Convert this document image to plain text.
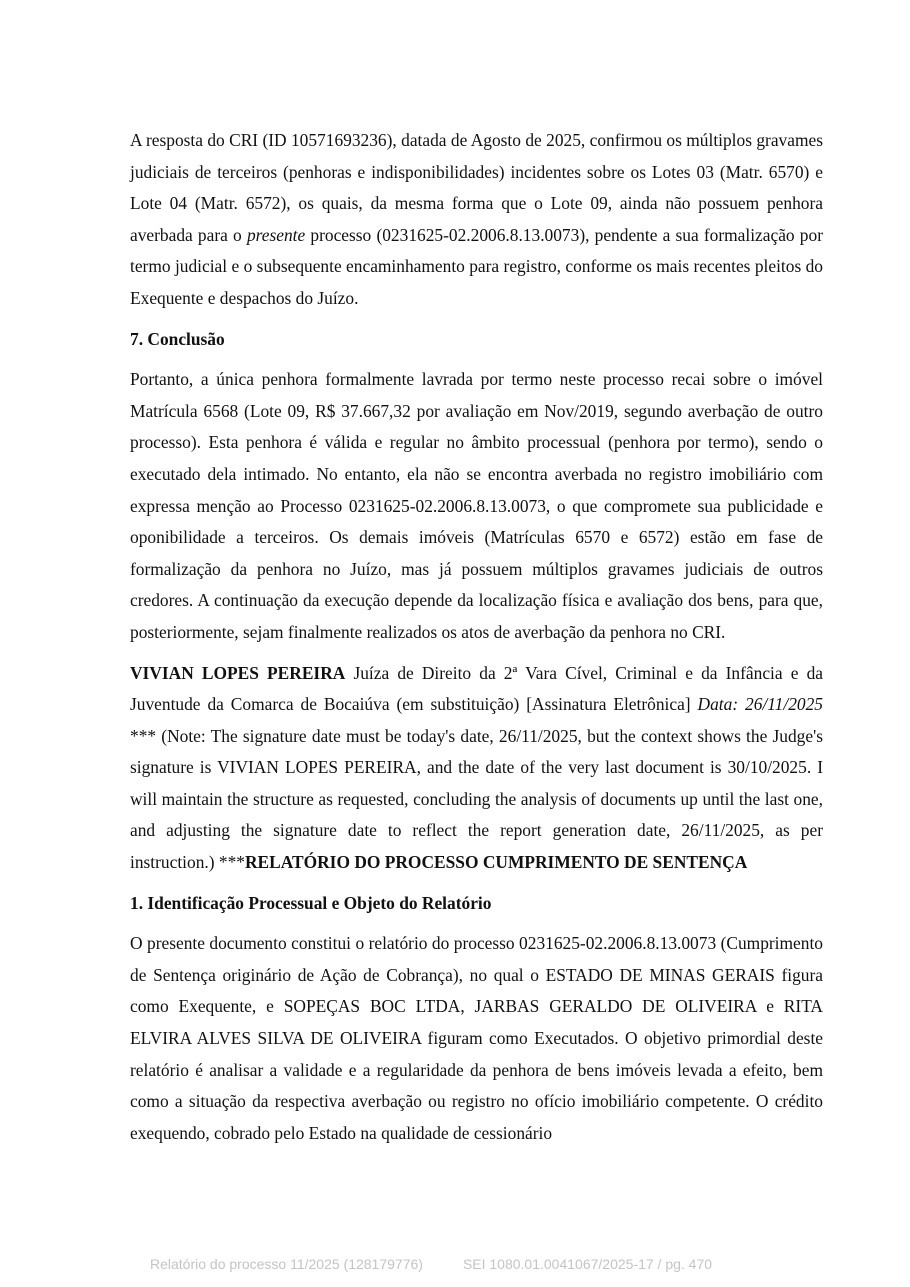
A resposta do CRI (ID 10571693236), datada de Agosto de 2025, confirmou os múltiplos gravames judiciais de terceiros (penhoras e indisponibilidades) incidentes sobre os Lotes 03 (Matr. 6570) e Lote 04 (Matr. 6572), os quais, da mesma forma que o Lote 09, ainda não possuem penhora averbada para o presente processo (0231625-02.2006.8.13.0073), pendente a sua formalização por termo judicial e o subsequente encaminhamento para registro, conforme os mais recentes pleitos do Exequente e despachos do Juízo.

7. Conclusão

Portanto, a única penhora formalmente lavrada por termo neste processo recai sobre o imóvel Matrícula 6568 (Lote 09, R$ 37.667,32 por avaliação em Nov/2019, segundo averbação de outro processo). Esta penhora é válida e regular no âmbito processual (penhora por termo), sendo o executado dela intimado. No entanto, ela não se encontra averbada no registro imobiliário com expressa menção ao Processo 0231625-02.2006.8.13.0073, o que compromete sua publicidade e oponibilidade a terceiros. Os demais imóveis (Matrículas 6570 e 6572) estão em fase de formalização da penhora no Juízo, mas já possuem múltiplos gravames judiciais de outros credores. A continuação da execução depende da localização física e avaliação dos bens, para que, posteriormente, sejam finalmente realizados os atos de averbação da penhora no CRI.

VIVIAN LOPES PEREIRA Juíza de Direito da 2ª Vara Cível, Criminal e da Infância e da Juventude da Comarca de Bocaiúva (em substituição) [Assinatura Eletrônica] Data: 26/11/2025 *** (Note: The signature date must be today's date, 26/11/2025, but the context shows the Judge's signature is VIVIAN LOPES PEREIRA, and the date of the very last document is 30/10/2025. I will maintain the structure as requested, concluding the analysis of documents up until the last one, and adjusting the signature date to reflect the report generation date, 26/11/2025, as per instruction.) ***RELATÓRIO DO PROCESSO CUMPRIMENTO DE SENTENÇA

1. Identificação Processual e Objeto do Relatório

O presente documento constitui o relatório do processo 0231625-02.2006.8.13.0073 (Cumprimento de Sentença originário de Ação de Cobrança), no qual o ESTADO DE MINAS GERAIS figura como Exequente, e SOPEÇAS BOC LTDA, JARBAS GERALDO DE OLIVEIRA e RITA ELVIRA ALVES SILVA DE OLIVEIRA figuram como Executados. O objetivo primordial deste relatório é analisar a validade e a regularidade da penhora de bens imóveis levada a efeito, bem como a situação da respectiva averbação ou registro no ofício imobiliário competente. O crédito exequendo, cobrado pelo Estado na qualidade de cessionário

Relatório do processo 11/2025 (128179776)	SEI 1080.01.0041067/2025-17 / pg. 470
